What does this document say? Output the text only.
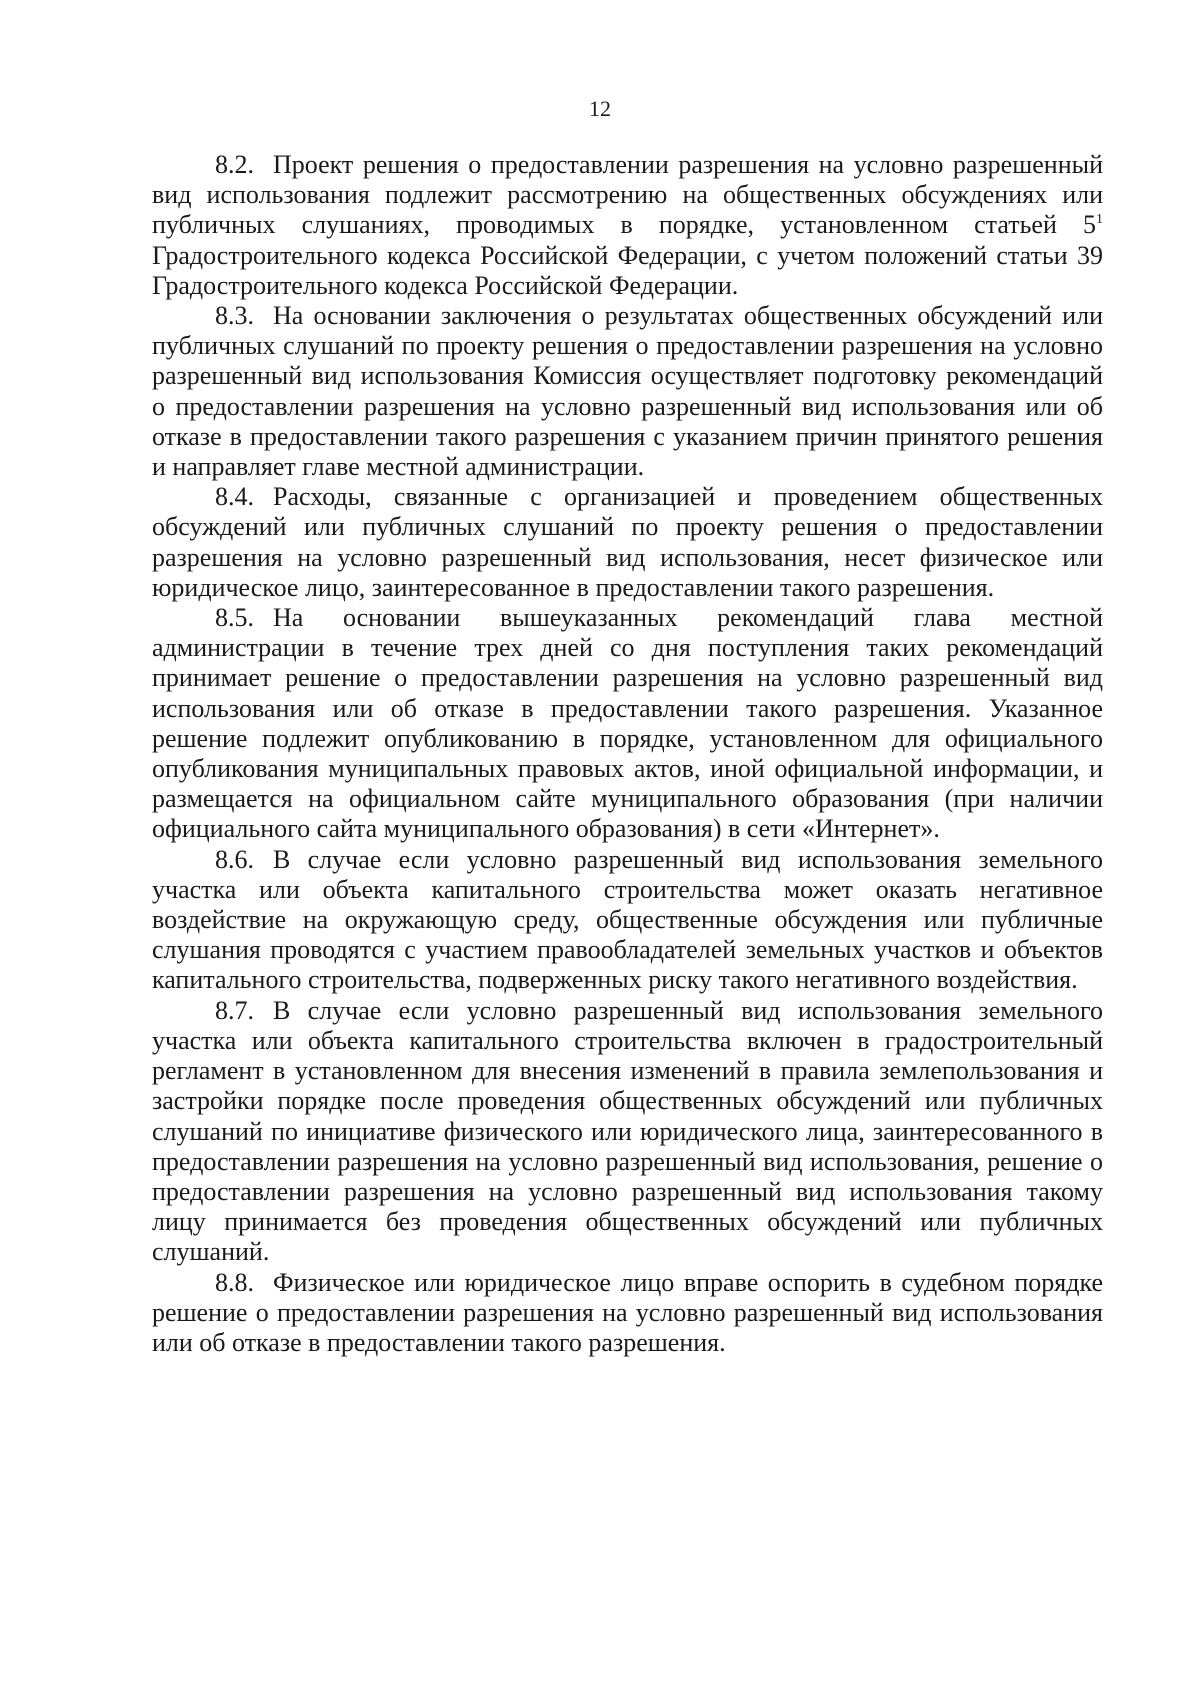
12

8.2. Проект решения о предоставлении разрешения на условно разрешенный вид использования подлежит рассмотрению на общественных обсуждениях или публичных слушаниях, проводимых в порядке, установленном статьей $5^1$ Градостроительного кодекса Российской Федерации, с учетом положений статьи 39 Градостроительного кодекса Российской Федерации.

8.3. На основании заключения о результатах общественных обсуждений или публичных слушаний по проекту решения о предоставлении разрешения на условно разрешенный вид использования Комиссия осуществляет подготовку рекомендаций о предоставлении разрешения на условно разрешенный вид использования или об отказе в предоставлении такого разрешения с указанием причин принятого решения и направляет главе местной администрации.

8.4. Расходы, связанные с организацией и проведением общественных обсуждений или публичных слушаний по проекту решения о предоставлении разрешения на условно разрешенный вид использования, несет физическое или юридическое лицо, заинтересованное в предоставлении такого разрешения.

8.5. На основании вышеуказанных рекомендаций глава местной администрации в течение трех дней со дня поступления таких рекомендаций принимает решение о предоставлении разрешения на условно разрешенный вид использования или об отказе в предоставлении такого разрешения. Указанное решение подлежит опубликованию в порядке, установленном для официального опубликования муниципальных правовых актов, иной официальной информации, и размещается на официальном сайте муниципального образования (при наличии официального сайта муниципального образования) в сети «Интернет».

8.6. В случае если условно разрешенный вид использования земельного участка или объекта капитального строительства может оказать негативное воздействие на окружающую среду, общественные обсуждения или публичные слушания проводятся с участием правообладателей земельных участков и объектов капитального строительства, подверженных риску такого негативного воздействия.

8.7. В случае если условно разрешенный вид использования земельного участка или объекта капитального строительства включен в градостроительный регламент в установленном для внесения изменений в правила землепользования и застройки порядке после проведения общественных обсуждений или публичных слушаний по инициативе физического или юридического лица, заинтересованного в предоставлении разрешения на условно разрешенный вид использования, решение о предоставлении разрешения на условно разрешенный вид использования такому лицу принимается без проведения общественных обсуждений или публичных слушаний.

8.8. Физическое или юридическое лицо вправе оспорить в судебном порядке решение о предоставлении разрешения на условно разрешенный вид использования или об отказе в предоставлении такого разрешения.
